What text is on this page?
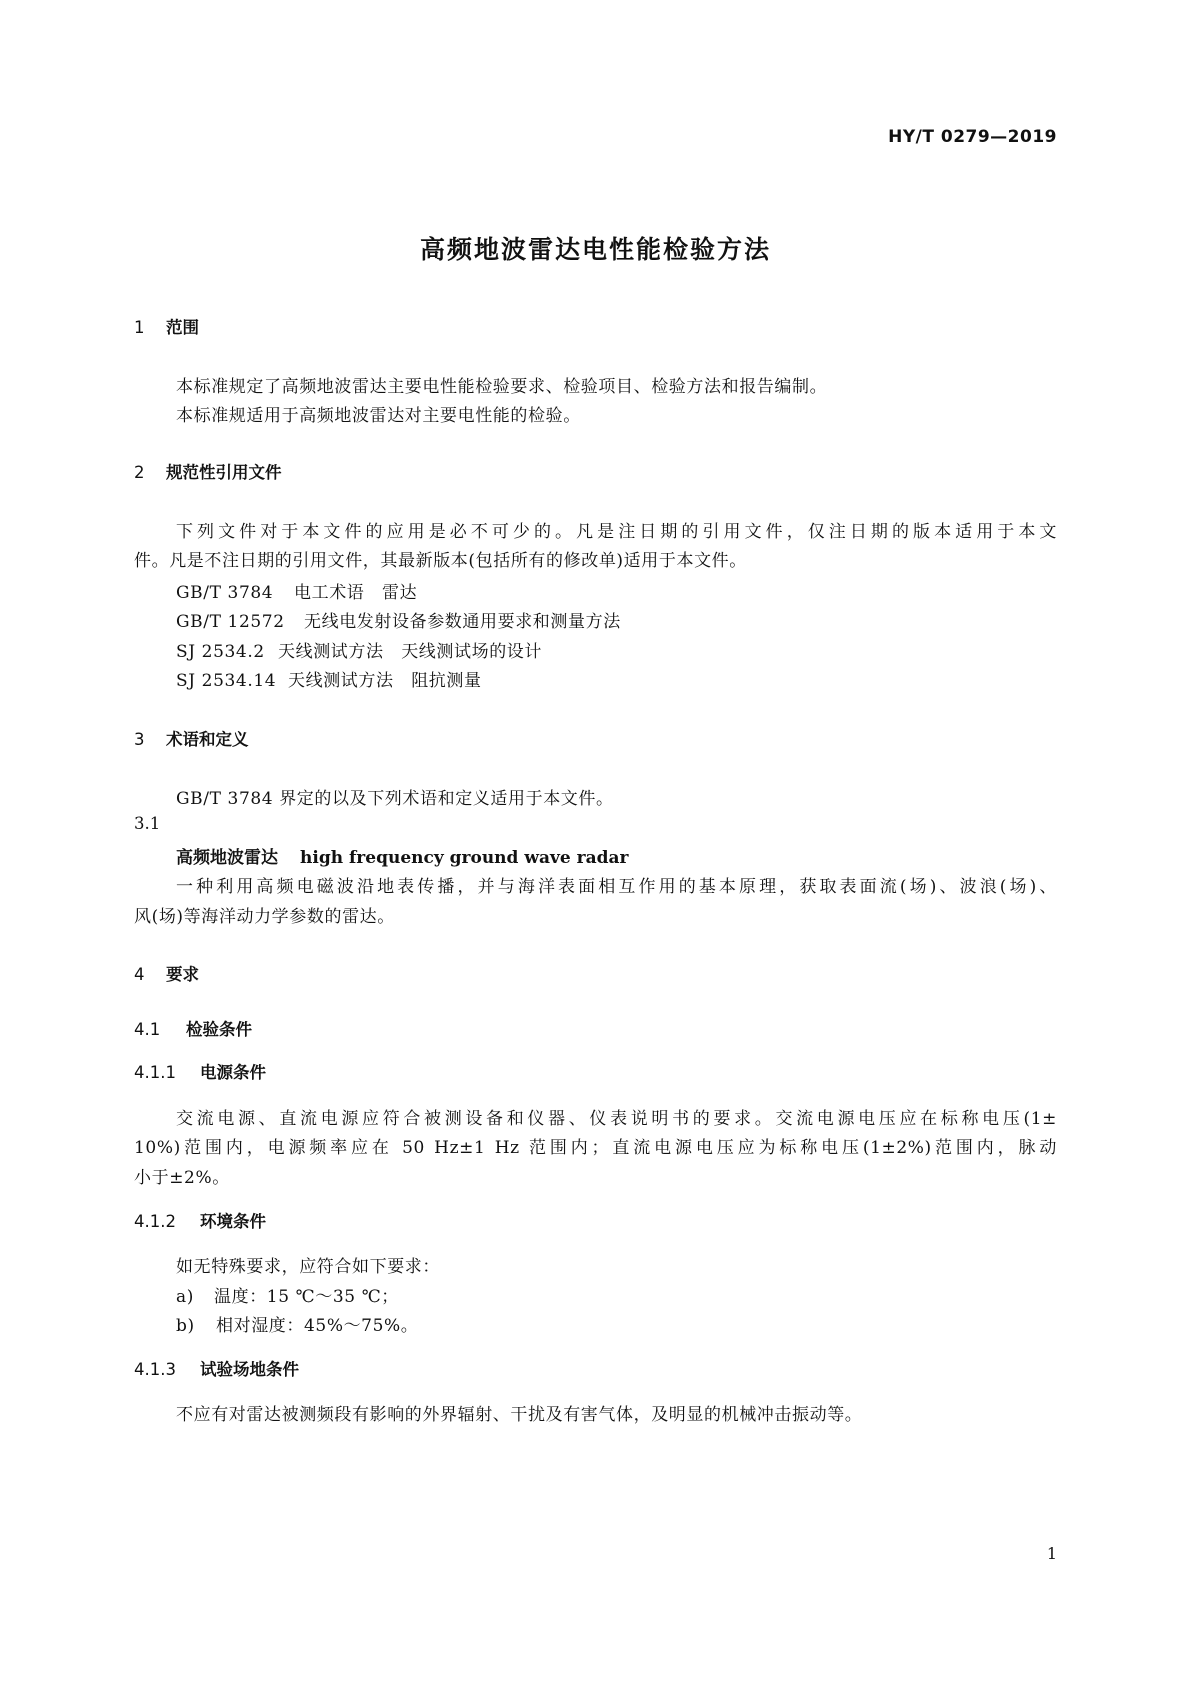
HY/T 0279—2019
高频地波雷达电性能检验方法
1 范围
本标准规定了高频地波雷达主要电性能检验要求、检验项目、检验方法和报告编制。
本标准规适用于高频地波雷达对主要电性能的检验。
2 规范性引用文件
下列文件对于本文件的应用是必不可少的。凡是注日期的引用文件，仅注日期的版本适用于本文
件。凡是不注日期的引用文件，其最新版本(包括所有的修改单)适用于本文件。
GB/T 3784 电工术语　雷达
GB/T 12572 无线电发射设备参数通用要求和测量方法
SJ 2534.2 天线测试方法　天线测试场的设计
SJ 2534.14 天线测试方法　阻抗测量
3 术语和定义
GB/T 3784 界定的以及下列术语和定义适用于本文件。
3.1
高频地波雷达 high frequency ground wave radar
一种利用高频电磁波沿地表传播，并与海洋表面相互作用的基本原理，获取表面流(场)、波浪(场)、
风(场)等海洋动力学参数的雷达。
4 要求
4.1 检验条件
4.1.1 电源条件
交流电源、直流电源应符合被测设备和仪器、仪表说明书的要求。交流电源电压应在标称电压(1±
10%)范围内，电源频率应在 50 Hz±1 Hz 范围内；直流电源电压应为标称电压(1±2%)范围内，脉动
小于±2%。
4.1.2 环境条件
如无特殊要求，应符合如下要求：
a) 温度：15 ℃～35 ℃；
b) 相对湿度：45%～75%。
4.1.3 试验场地条件
不应有对雷达被测频段有影响的外界辐射、干扰及有害气体，及明显的机械冲击振动等。
1
